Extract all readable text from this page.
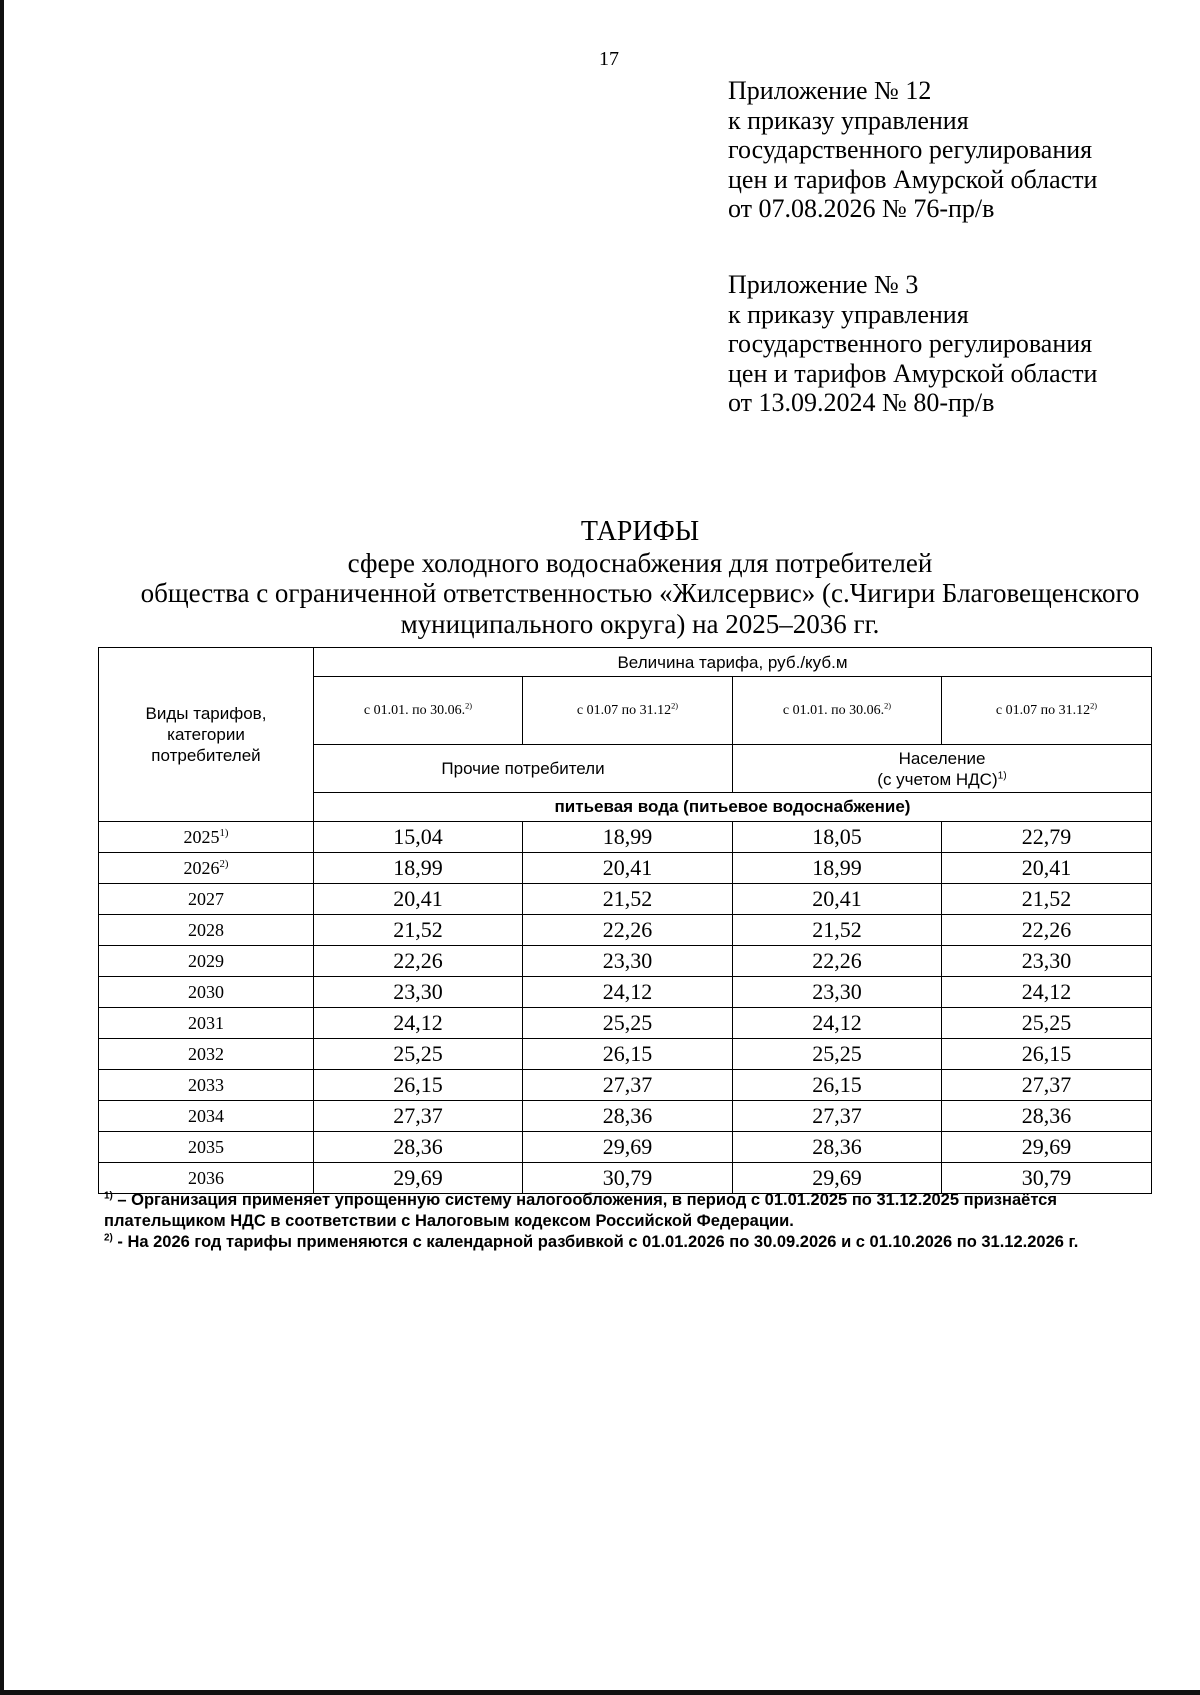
17
Приложение № 12
к приказу управления
государственного регулирования
цен и тарифов Амурской области
от 07.08.2026 № 76-пр/в
Приложение № 3
к приказу управления
государственного регулирования
цен и тарифов Амурской области
от 13.09.2024 № 80-пр/в
ТАРИФЫ
сфере холодного водоснабжения для потребителей
общества с ограниченной ответственностью «Жилсервис» (с.Чигири Благовещенского
муниципального округа) на 2025–2036 гг.
Виды тарифов, категории потребителей	Величина тарифа, руб./куб.м			
	с 01.01. по 30.06.$^{2)}$	с 01.07 по 31.12$^{2)}$	с 01.01. по 30.06.$^{2)}$	с 01.07 по 31.12$^{2)}$
	Прочие потребители		Население
(с учетом НДС)$^{1)}$

	питьевая вода (питьевое водоснабжение)			
2025$^{1)}$	15,04	18,99	18,05	22,79
2026$^{2)}$	18,99	20,41	18,99	20,41
2027	20,41	21,52	20,41	21,52
2028	21,52	22,26	21,52	22,26
2029	22,26	23,30	22,26	23,30
2030	23,30	24,12	23,30	24,12
2031	24,12	25,25	24,12	25,25
2032	25,25	26,15	25,25	26,15
2033	26,15	27,37	26,15	27,37
2034	27,37	28,36	27,37	28,36
2035	28,36	29,69	28,36	29,69
2036	29,69	30,79	29,69	30,79
$^{1)}$ – Организация применяет упрощенную систему налогообложения, в период с 01.01.2025 по 31.12.2025 признаётся плательщиком НДС в соответствии с Налоговым кодексом Российской Федерации.
$^{2)}$ - На 2026 год тарифы применяются с календарной разбивкой с 01.01.2026 по 30.09.2026 и с 01.10.2026 по 31.12.2026 г.
